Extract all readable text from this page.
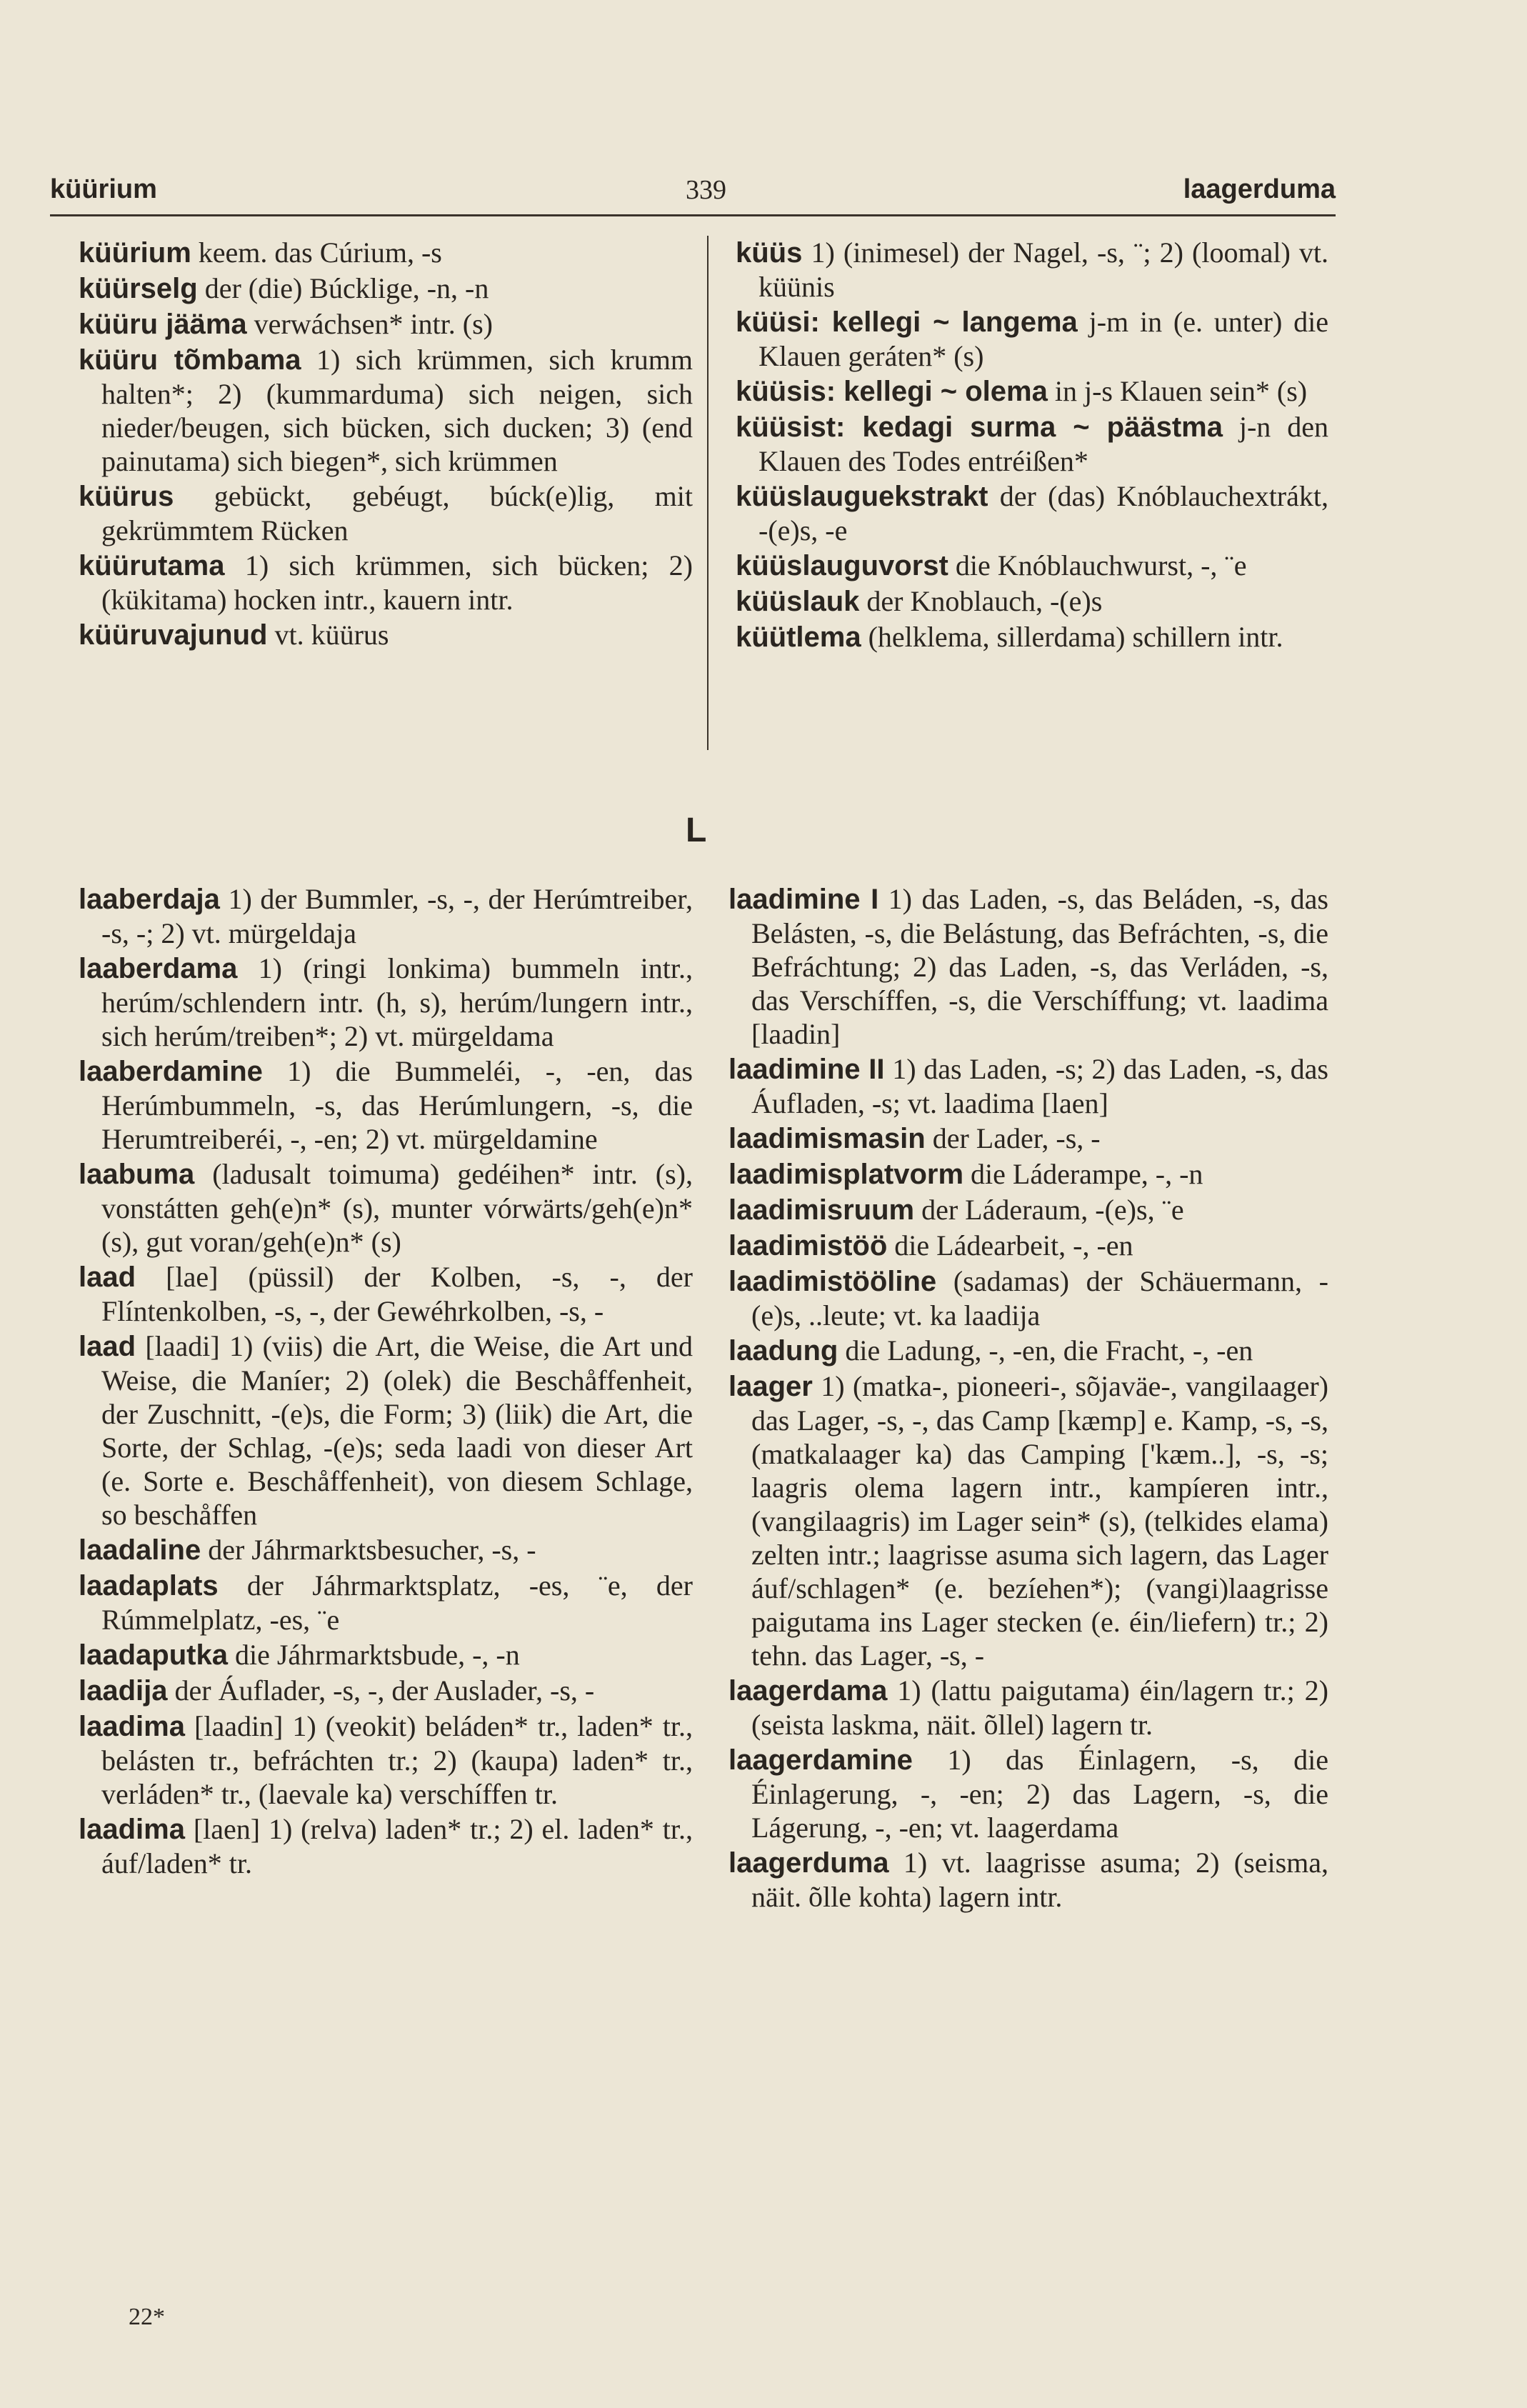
küürium	339	laagerduma
küürium keem. das Cúrium, -s
küürselg der (die) Búcklige, -n, -n
küüru jääma verwáchsen* intr. (s)
küüru tõmbama 1) sich krümmen, sich krumm halten*; 2) (kummarduma) sich neigen, sich nieder/beugen, sich bücken, sich ducken; 3) (end painutama) sich biegen*, sich krümmen
küürus gebückt, gebéugt, búck(e)lig, mit gekrümmtem Rücken
küürutama 1) sich krümmen, sich bücken; 2) (kükitama) hocken intr., kauern intr.
küüruvajunud vt. küürus
küüs 1) (inimesel) der Nagel, -s, ¨; 2) (loomal) vt. küünis
küüsi: kellegi ~ langema j-m in (e. unter) die Klauen geráten* (s)
küüsis: kellegi ~ olema in j-s Klauen sein* (s)
küüsist: kedagi surma ~ päästma j-n den Klauen des Todes entréißen*
küüslauguekstrakt der (das) Knóblauchextrákt, -(e)s, -e
küüslauguvorst die Knóblauchwurst, -, ¨e
küüslauk der Knoblauch, -(e)s
küütlema (helklema, sillerdama) schillern intr.
L
laaberdaja 1) der Bummler, -s, -, der Herúmtreiber, -s, -; 2) vt. mürgeldaja
laaberdama 1) (ringi lonkima) bummeln intr., herúm/schlendern intr. (h, s), herúm/lungern intr., sich herúm/treiben*; 2) vt. mürgeldama
laaberdamine 1) die Bummeléi, -, -en, das Herúmbummeln, -s, das Herúmlungern, -s, die Herumtreiberéi, -, -en; 2) vt. mürgeldamine
laabuma (ladusalt toimuma) gedéihen* intr. (s), vonstátten geh(e)n* (s), munter vórwärts/geh(e)n* (s), gut voran/geh(e)n* (s)
laad [lae] (püssil) der Kolben, -s, -, der Flíntenkolben, -s, -, der Gewéhrkolben, -s, -
laad [laadi] 1) (viis) die Art, die Weise, die Art und Weise, die Maníer; 2) (olek) die Beschåffenheit, der Zuschnitt, -(e)s, die Form; 3) (liik) die Art, die Sorte, der Schlag, -(e)s; seda laadi von dieser Art (e. Sorte e. Beschåffenheit), von diesem Schlage, so beschåffen
laadaline der Jáhrmarktsbesucher, -s, -
laadaplats der Jáhrmarktsplatz, -es, ¨e, der Rúmmelplatz, -es, ¨e
laadaputka die Jáhrmarktsbude, -, -n
laadija der Áuflader, -s, -, der Auslader, -s, -
laadima [laadin] 1) (veokit) beláden* tr., laden* tr., belásten tr., befráchten tr.; 2) (kaupa) laden* tr., verláden* tr., (laevale ka) verschíffen tr.
laadima [laen] 1) (relva) laden* tr.; 2) el. laden* tr., áuf/laden* tr.
laadimine I 1) das Laden, -s, das Beláden, -s, das Belásten, -s, die Belástung, das Befráchten, -s, die Befráchtung; 2) das Laden, -s, das Verláden, -s, das Verschíffen, -s, die Verschíffung; vt. laadima [laadin]
laadimine II 1) das Laden, -s; 2) das Laden, -s, das Áufladen, -s; vt. laadima [laen]
laadimismasin der Lader, -s, -
laadimisplatvorm die Láderampe, -, -n
laadimisruum der Láderaum, -(e)s, ¨e
laadimistöö die Ládearbeit, -, -en
laadimistööline (sadamas) der Schäuermann, -(e)s, ..leute; vt. ka laadija
laadung die Ladung, -, -en, die Fracht, -, -en
laager 1) (matka-, pioneeri-, sõjaväe-, vangilaager) das Lager, -s, -, das Camp [kæmp] e. Kamp, -s, -s, (matkalaager ka) das Camping ['kæm..], -s, -s; laagris olema lagern intr., kampíeren intr., (vangilaagris) im Lager sein* (s), (telkides elama) zelten intr.; laagrisse asuma sich lagern, das Lager áuf/schlagen* (e. bezíehen*); (vangi)laagrisse paigutama ins Lager stecken (e. éin/liefern) tr.; 2) tehn. das Lager, -s, -
laagerdama 1) (lattu paigutama) éin/lagern tr.; 2) (seista laskma, näit. õllel) lagern tr.
laagerdamine 1) das Éinlagern, -s, die Éinlagerung, -, -en; 2) das Lagern, -s, die Lágerung, -, -en; vt. laagerdama
laagerduma 1) vt. laagrisse asuma; 2) (seisma, näit. õlle kohta) lagern intr.
22*
